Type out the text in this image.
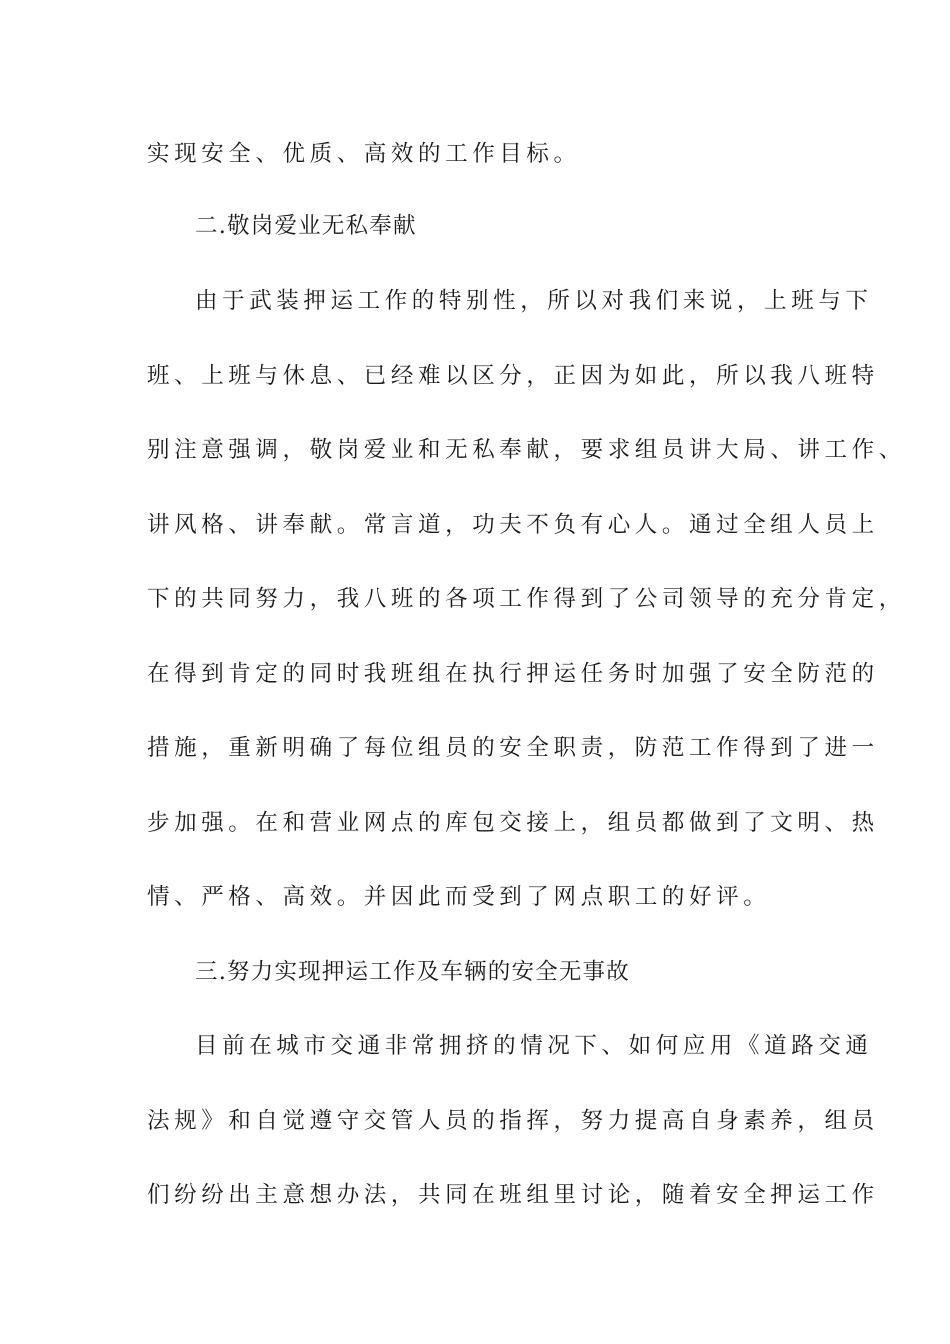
实现安全、优质、高效的工作目标。
二.敬岗爱业无私奉献
由于武装押运工作的特别性，所以对我们来说，上班与下
班、上班与休息、已经难以区分，正因为如此，所以我八班特
别注意强调，敬岗爱业和无私奉献，要求组员讲大局、讲工作、
讲风格、讲奉献。常言道，功夫不负有心人。通过全组人员上
下的共同努力，我八班的各项工作得到了公司领导的充分肯定，
在得到肯定的同时我班组在执行押运任务时加强了安全防范的
措施，重新明确了每位组员的安全职责，防范工作得到了进一
步加强。在和营业网点的库包交接上，组员都做到了文明、热
情、严格、高效。并因此而受到了网点职工的好评。
三.努力实现押运工作及车辆的安全无事故
目前在城市交通非常拥挤的情况下、如何应用《道路交通
法规》和自觉遵守交管人员的指挥，努力提高自身素养，组员
们纷纷出主意想办法，共同在班组里讨论，随着安全押运工作
